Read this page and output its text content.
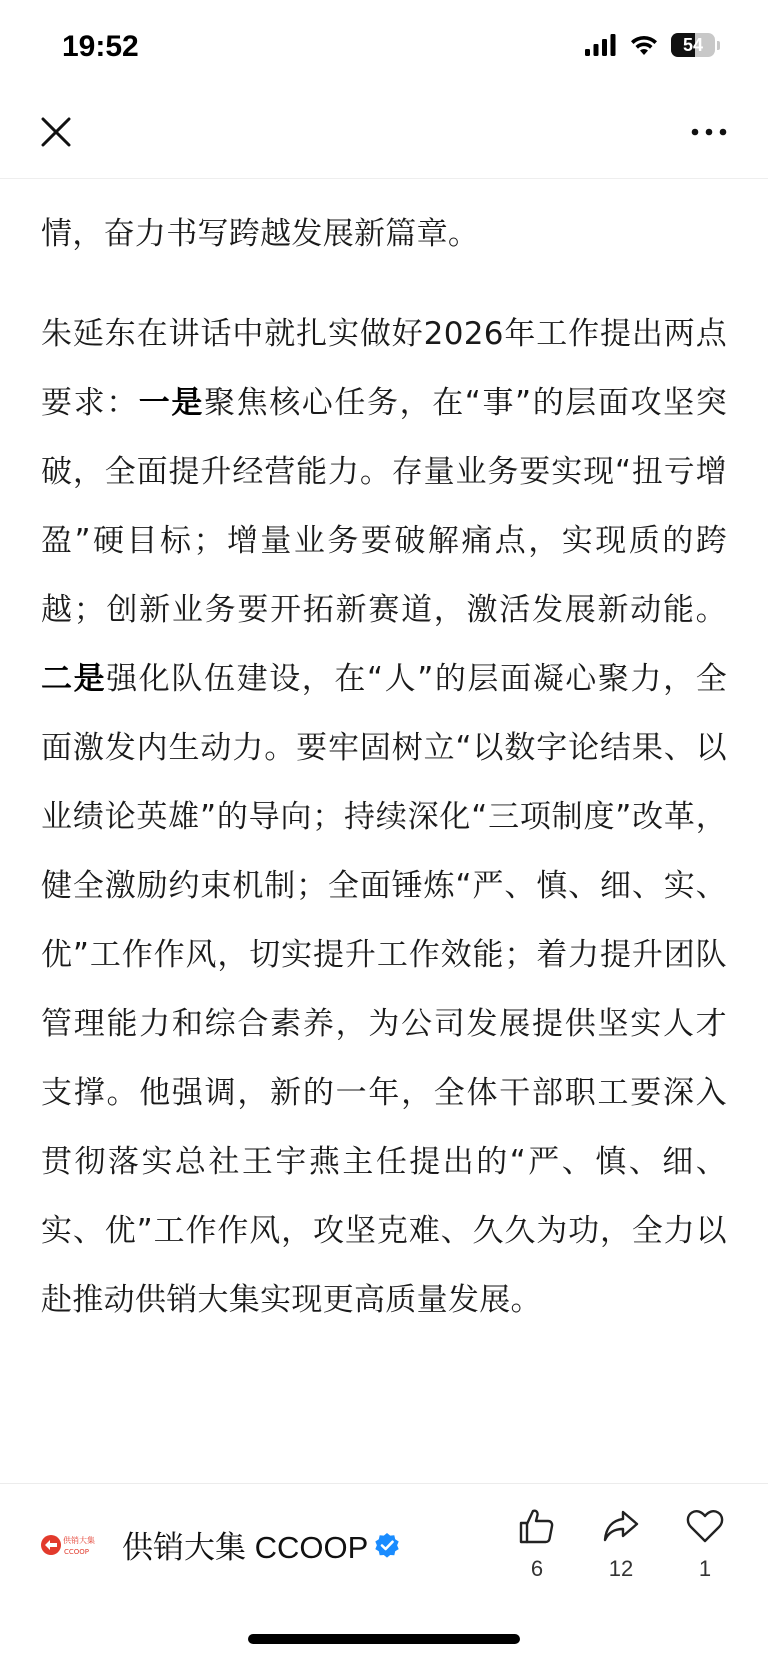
19:52	54

情，奋力书写跨越发展新篇章。

朱延东在讲话中就扎实做好2026年工作提出两点要求：一是聚焦核心任务，在“事”的层面攻坚突破，全面提升经营能力。存量业务要实现“扭亏增盈”硬目标；增量业务要破解痛点，实现质的跨越；创新业务要开拓新赛道，激活发展新动能。二是强化队伍建设，在“人”的层面凝心聚力，全面激发内生动力。要牢固树立“以数字论结果、以业绩论英雄”的导向；持续深化“三项制度”改革，健全激励约束机制；全面锤炼“严、慎、细、实、优”工作作风，切实提升工作效能；着力提升团队管理能力和综合素养，为公司发展提供坚实人才支撑。他强调，新的一年，全体干部职工要深入贯彻落实总社王宇燕主任提出的“严、慎、细、实、优”工作作风，攻坚克难、久久为功，全力以赴推动供销大集实现更高质量发展。

供销大集
CCOOP 供销大集 CCOOP
6	12	1
